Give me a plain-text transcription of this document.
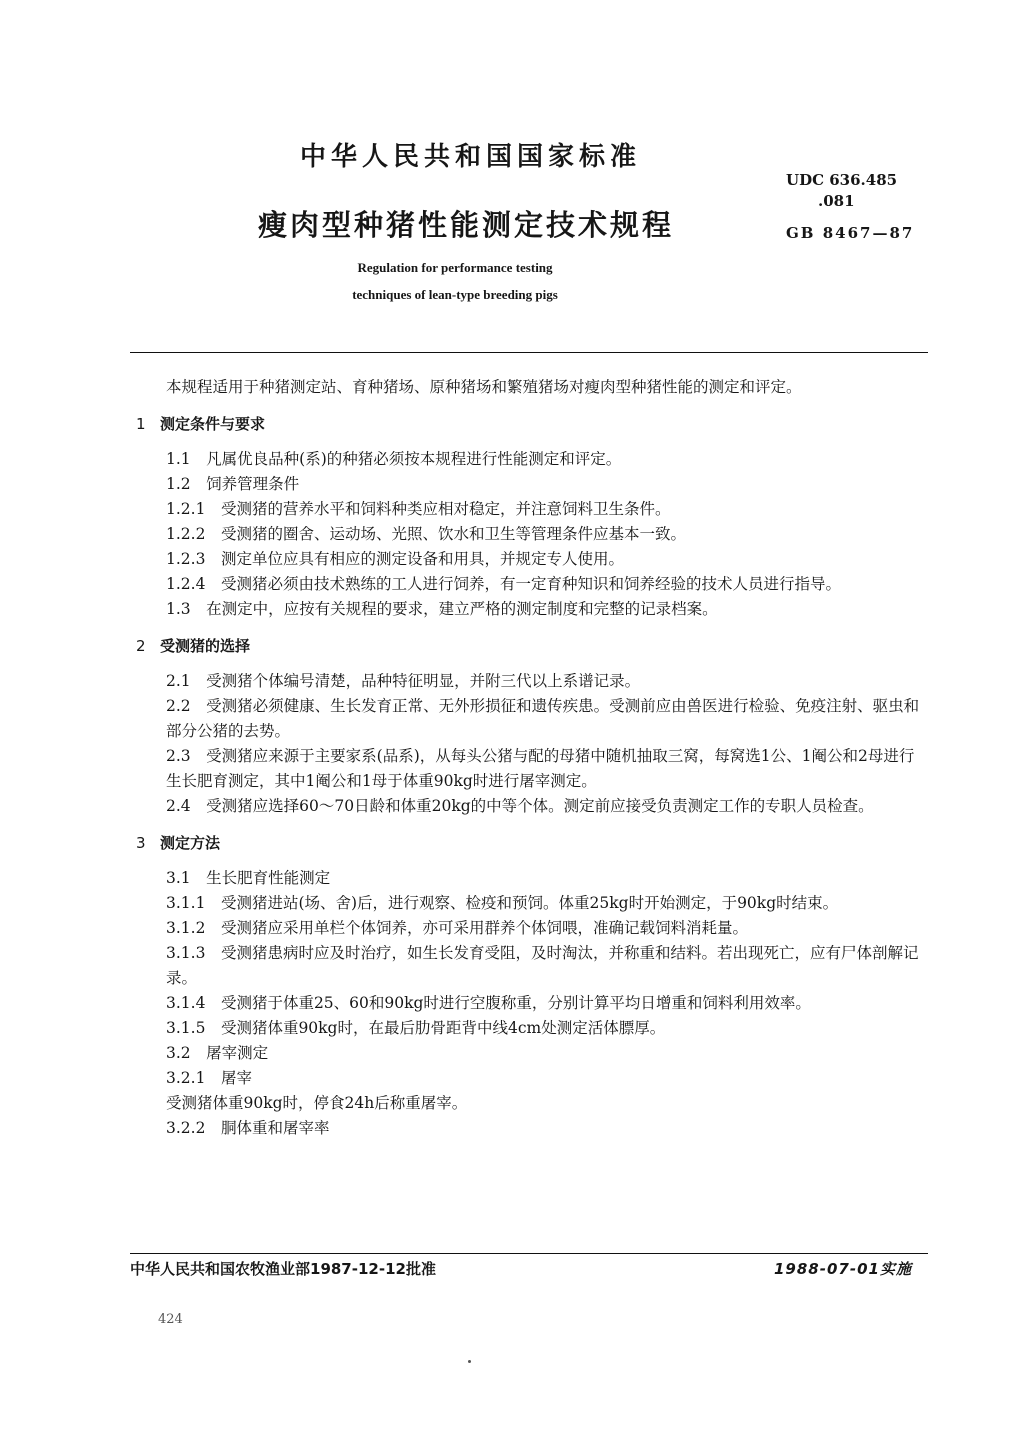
中华人民共和国国家标准
UDC 636.485
.081
瘦肉型种猪性能测定技术规程	GB 8467—87
Regulation for performance testing
techniques of lean-type breeding pigs

本规程适用于种猪测定站、育种猪场、原种猪场和繁殖猪场对瘦肉型种猪性能的测定和评定。

1 测定条件与要求

1.1　凡属优良品种(系)的种猪必须按本规程进行性能测定和评定。

1.2　饲养管理条件

1.2.1　受测猪的营养水平和饲料种类应相对稳定，并注意饲料卫生条件。

1.2.2　受测猪的圈舍、运动场、光照、饮水和卫生等管理条件应基本一致。

1.2.3　测定单位应具有相应的测定设备和用具，并规定专人使用。

1.2.4　受测猪必须由技术熟练的工人进行饲养，有一定育种知识和饲养经验的技术人员进行指导。

1.3　在测定中，应按有关规程的要求，建立严格的测定制度和完整的记录档案。

2 受测猪的选择

2.1　受测猪个体编号清楚，品种特征明显，并附三代以上系谱记录。

2.2　受测猪必须健康、生长发育正常、无外形损征和遗传疾患。受测前应由兽医进行检验、免疫注射、驱虫和部分公猪的去势。

2.3　受测猪应来源于主要家系(品系)，从每头公猪与配的母猪中随机抽取三窝，每窝选1公、1阉公和2母进行生长肥育测定，其中1阉公和1母于体重90kg时进行屠宰测定。

2.4　受测猪应选择60～70日龄和体重20kg的中等个体。测定前应接受负责测定工作的专职人员检查。

3 测定方法

3.1　生长肥育性能测定

3.1.1　受测猪进站(场、舍)后，进行观察、检疫和预饲。体重25kg时开始测定，于90kg时结束。

3.1.2　受测猪应采用单栏个体饲养，亦可采用群养个体饲喂，准确记载饲料消耗量。

3.1.3　受测猪患病时应及时治疗，如生长发育受阻，及时淘汰，并称重和结料。若出现死亡，应有尸体剖解记录。

3.1.4　受测猪于体重25、60和90kg时进行空腹称重，分别计算平均日增重和饲料利用效率。

3.1.5　受测猪体重90kg时，在最后肋骨距背中线4cm处测定活体膘厚。

3.2　屠宰测定

3.2.1　屠宰

受测猪体重90kg时，停食24h后称重屠宰。

3.2.2　胴体重和屠宰率

中华人民共和国农牧渔业部1987-12-12批准	1988-07-01实施
424
